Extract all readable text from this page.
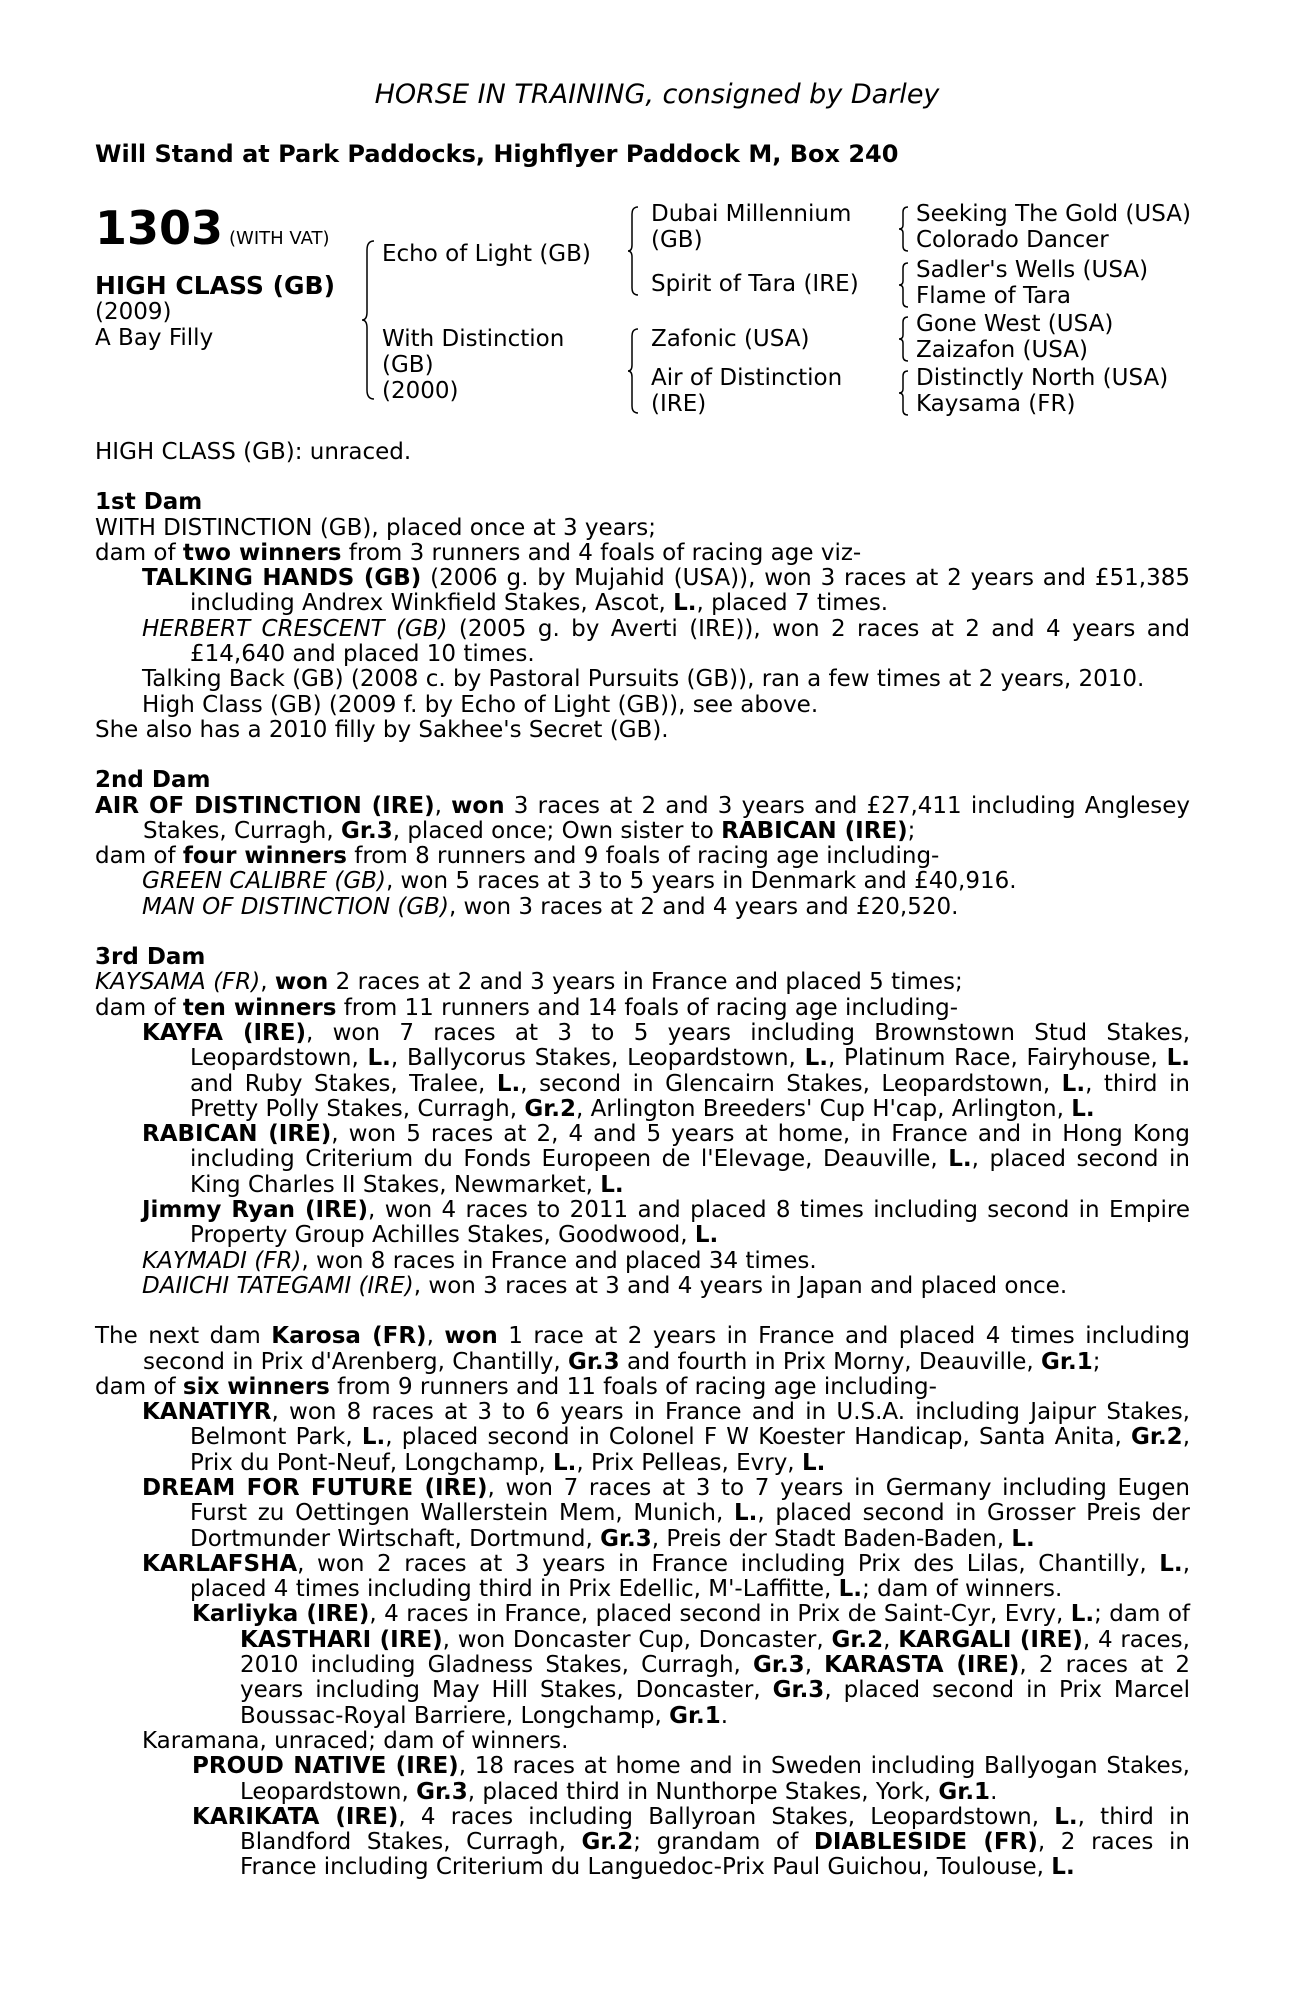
HORSE IN TRAINING, consigned by Darley
Will Stand at Park Paddocks, Highflyer Paddock M, Box 240
1303 (WITH VAT)
HIGH CLASS (GB)
(2009)
A Bay Filly
Echo of Light (GB)
With Distinction
(GB)
(2000)
Dubai Millennium
(GB)
Spirit of Tara (IRE)
Zafonic (USA)
Air of Distinction
(IRE)
Seeking The Gold (USA)
Colorado Dancer
Sadler's Wells (USA)
Flame of Tara
Gone West (USA)
Zaizafon (USA)
Distinctly North (USA)
Kaysama (FR)

HIGH CLASS (GB): unraced.

1st Dam

WITH DISTINCTION (GB), placed once at 3 years;

dam of two winners from 3 runners and 4 foals of racing age viz-

TALKING HANDS (GB) (2006 g. by Mujahid (USA)), won 3 races at 2 years and £51,385 including Andrex Winkfield Stakes, Ascot, L., placed 7 times.

HERBERT CRESCENT (GB) (2005 g. by Averti (IRE)), won 2 races at 2 and 4 years and £14,640 and placed 10 times.

Talking Back (GB) (2008 c. by Pastoral Pursuits (GB)), ran a few times at 2 years, 2010.

High Class (GB) (2009 f. by Echo of Light (GB)), see above.

She also has a 2010 filly by Sakhee's Secret (GB).

2nd Dam

AIR OF DISTINCTION (IRE), won 3 races at 2 and 3 years and £27,411 including Anglesey Stakes, Curragh, Gr.3, placed once; Own sister to RABICAN (IRE);

dam of four winners from 8 runners and 9 foals of racing age including-

GREEN CALIBRE (GB), won 5 races at 3 to 5 years in Denmark and £40,916.

MAN OF DISTINCTION (GB), won 3 races at 2 and 4 years and £20,520.

3rd Dam

KAYSAMA (FR), won 2 races at 2 and 3 years in France and placed 5 times;

dam of ten winners from 11 runners and 14 foals of racing age including-

KAYFA (IRE), won 7 races at 3 to 5 years including Brownstown Stud Stakes, Leopardstown, L., Ballycorus Stakes, Leopardstown, L., Platinum Race, Fairyhouse, L. and Ruby Stakes, Tralee, L., second in Glencairn Stakes, Leopardstown, L., third in Pretty Polly Stakes, Curragh, Gr.2, Arlington Breeders' Cup H'cap, Arlington, L.

RABICAN (IRE), won 5 races at 2, 4 and 5 years at home, in France and in Hong Kong including Criterium du Fonds Europeen de l'Elevage, Deauville, L., placed second in King Charles II Stakes, Newmarket, L.

Jimmy Ryan (IRE), won 4 races to 2011 and placed 8 times including second in Empire Property Group Achilles Stakes, Goodwood, L.

KAYMADI (FR), won 8 races in France and placed 34 times.

DAIICHI TATEGAMI (IRE), won 3 races at 3 and 4 years in Japan and placed once.

The next dam Karosa (FR), won 1 race at 2 years in France and placed 4 times including second in Prix d'Arenberg, Chantilly, Gr.3 and fourth in Prix Morny, Deauville, Gr.1;

dam of six winners from 9 runners and 11 foals of racing age including-

KANATIYR, won 8 races at 3 to 6 years in France and in U.S.A. including Jaipur Stakes, Belmont Park, L., placed second in Colonel F W Koester Handicap, Santa Anita, Gr.2, Prix du Pont-Neuf, Longchamp, L., Prix Pelleas, Evry, L.

DREAM FOR FUTURE (IRE), won 7 races at 3 to 7 years in Germany including Eugen Furst zu Oettingen Wallerstein Mem, Munich, L., placed second in Grosser Preis der Dortmunder Wirtschaft, Dortmund, Gr.3, Preis der Stadt Baden-Baden, L.

KARLAFSHA, won 2 races at 3 years in France including Prix des Lilas, Chantilly, L., placed 4 times including third in Prix Edellic, M'-Laffitte, L.; dam of winners.

Karliyka (IRE), 4 races in France, placed second in Prix de Saint-Cyr, Evry, L.; dam of KASTHARI (IRE), won Doncaster Cup, Doncaster, Gr.2, KARGALI (IRE), 4 races, 2010 including Gladness Stakes, Curragh, Gr.3, KARASTA (IRE), 2 races at 2 years including May Hill Stakes, Doncaster, Gr.3, placed second in Prix Marcel Boussac-Royal Barriere, Longchamp, Gr.1.

Karamana, unraced; dam of winners.

PROUD NATIVE (IRE), 18 races at home and in Sweden including Ballyogan Stakes, Leopardstown, Gr.3, placed third in Nunthorpe Stakes, York, Gr.1.

KARIKATA (IRE), 4 races including Ballyroan Stakes, Leopardstown, L., third in Blandford Stakes, Curragh, Gr.2; grandam of DIABLESIDE (FR), 2 races in France including Criterium du Languedoc-Prix Paul Guichou, Toulouse, L.
